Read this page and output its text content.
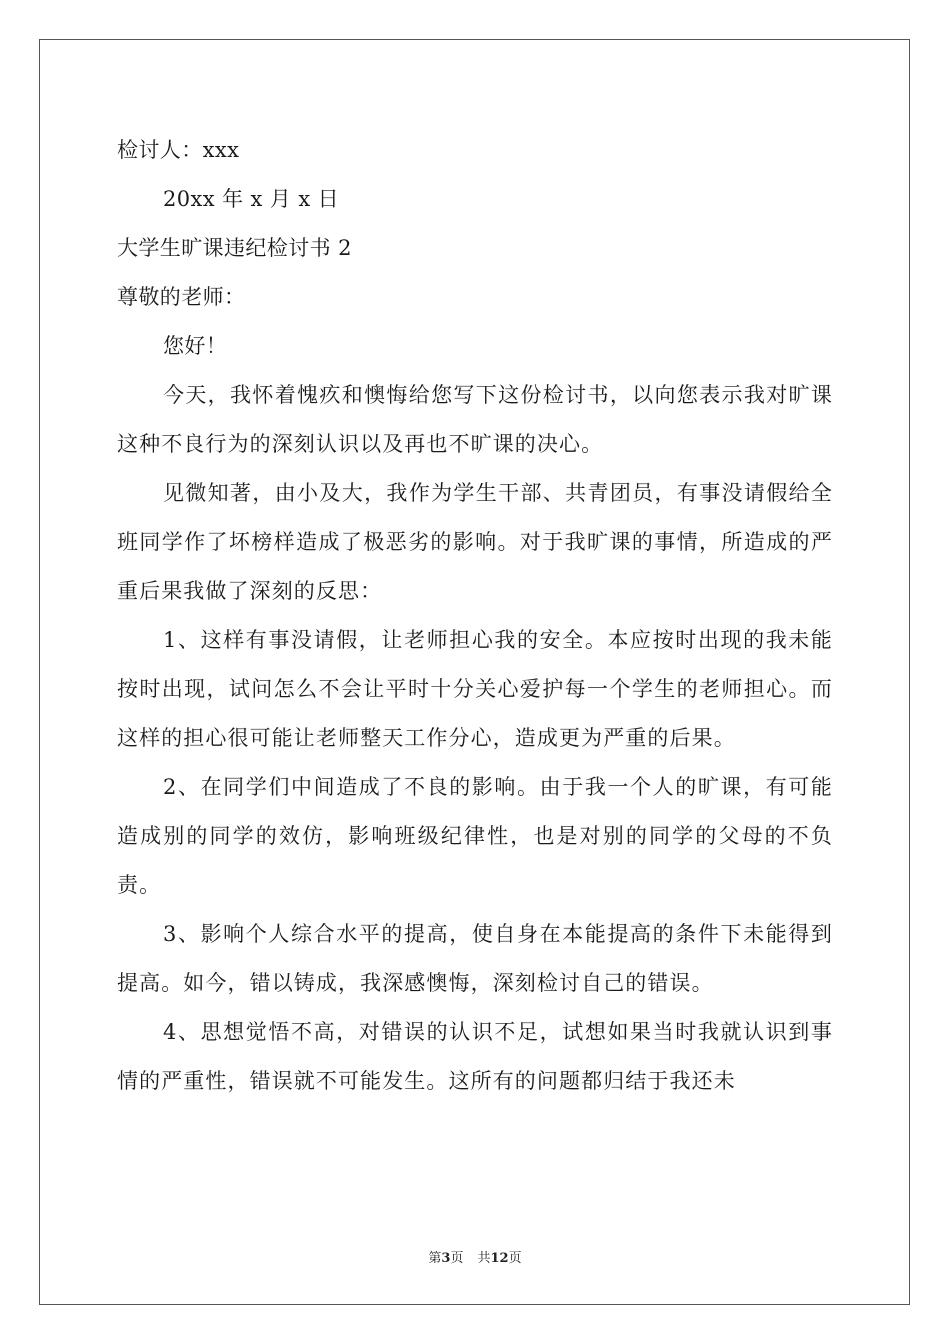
检讨人：xxx
20xx 年 x 月 x 日
大学生旷课违纪检讨书 2
尊敬的老师：
您好！

今天，我怀着愧疚和懊悔给您写下这份检讨书，以向您表示我对旷课这种不良行为的深刻认识以及再也不旷课的决心。

见微知著，由小及大，我作为学生干部、共青团员，有事没请假给全班同学作了坏榜样造成了极恶劣的影响。对于我旷课的事情，所造成的严重后果我做了深刻的反思：

1、这样有事没请假，让老师担心我的安全。本应按时出现的我未能按时出现，试问怎么不会让平时十分关心爱护每一个学生的老师担心。而这样的担心很可能让老师整天工作分心，造成更为严重的后果。

2、在同学们中间造成了不良的影响。由于我一个人的旷课，有可能造成别的同学的效仿，影响班级纪律性，也是对别的同学的父母的不负责。

3、影响个人综合水平的提高，使自身在本能提高的条件下未能得到提高。如今，错以铸成，我深感懊悔，深刻检讨自己的错误。

4、思想觉悟不高，对错误的认识不足，试想如果当时我就认识到事情的严重性，错误就不可能发生。这所有的问题都归结于我还未

第3页 共12页
